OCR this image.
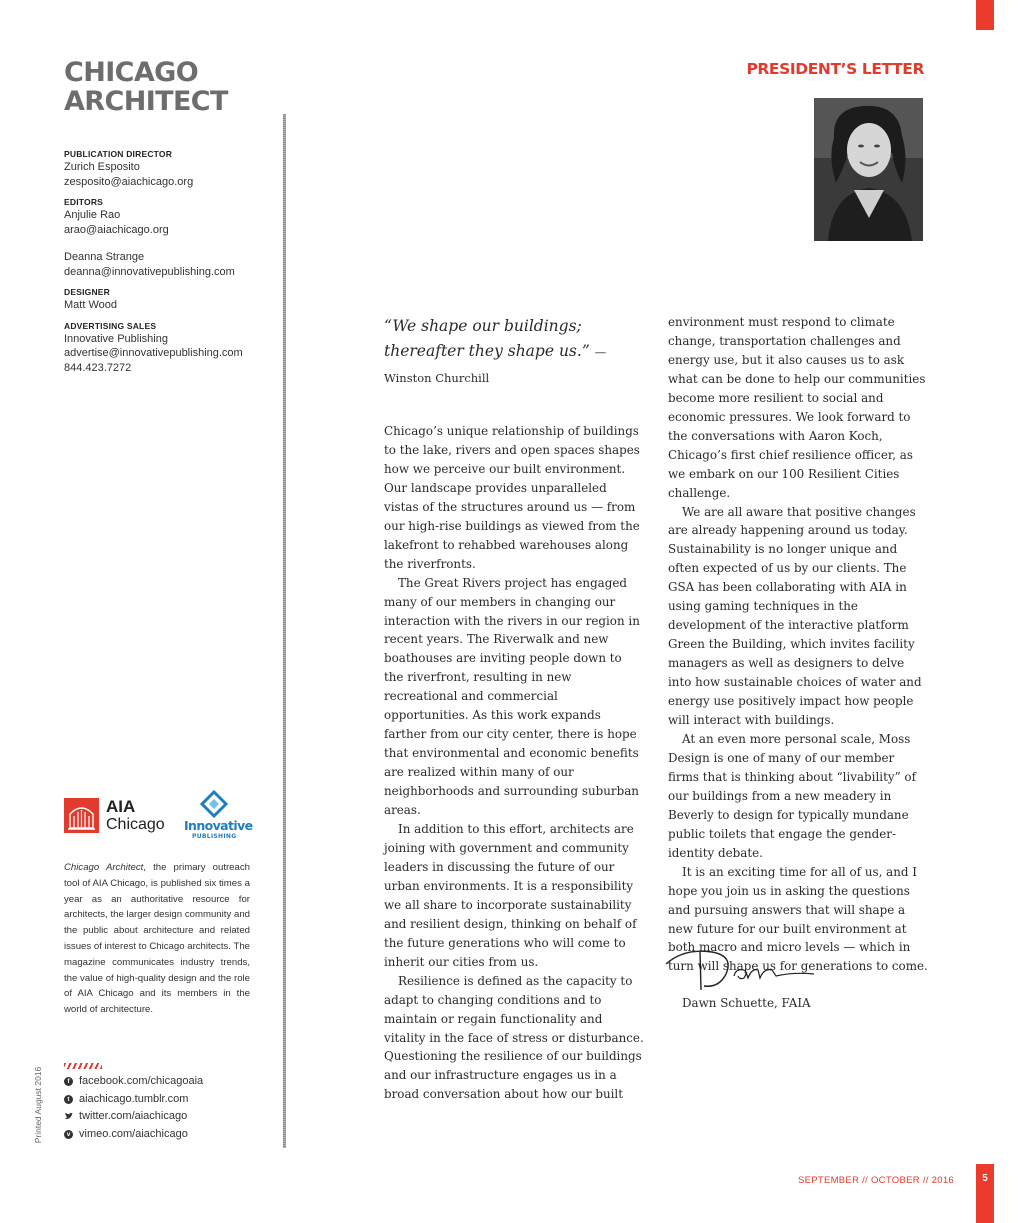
CHICAGO
ARCHITECT
PRESIDENT’S LETTER
PUBLICATION DIRECTOR
Zurich Esposito
zesposito@aiachicago.org
EDITORS
Anjulie Rao
arao@aiachicago.org
Deanna Strange
deanna@innovativepublishing.com
DESIGNER
Matt Wood
ADVERTISING SALES
Innovative Publishing
advertise@innovativepublishing.com
844.423.7272
AIA
Chicago Innovative
PUBLISHING
Chicago Architect, the primary outreach tool of AIA Chicago, is published six times a year as an authoritative resource for architects, the larger design community and the public about architecture and related issues of interest to Chicago architects. The magazine communicates industry trends, the value of high-quality design and the role of AIA Chicago and its members in the world of architecture.
f facebook.com/chicagoaia
t aiachicago.tumblr.com
twitter.com/aiachicago
v vimeo.com/aiachicago
Printed August 2016
“We shape our buildings; thereafter they shape us.” — Winston Churchill

Chicago’s unique relationship of buildings to the lake, rivers and open spaces shapes how we perceive our built environment. Our landscape provides unparalleled vistas of the structures around us — from our high-rise buildings as viewed from the lakefront to rehabbed warehouses along the riverfronts.

The Great Rivers project has engaged many of our members in changing our interaction with the rivers in our region in recent years. The Riverwalk and new boathouses are inviting people down to the riverfront, resulting in new recreational and commercial opportunities. As this work expands farther from our city center, there is hope that environmental and economic benefits are realized within many of our neighborhoods and surrounding suburban areas.

In addition to this effort, architects are joining with government and community leaders in discussing the future of our urban environments. It is a responsibility we all share to incorporate sustainability and resilient design, thinking on behalf of the future generations who will come to inherit our cities from us.

Resilience is defined as the capacity to adapt to changing conditions and to maintain or regain functionality and vitality in the face of stress or disturbance. Questioning the resilience of our buildings and our infrastructure engages us in a broad conversation about how our built

environment must respond to climate change, transportation challenges and energy use, but it also causes us to ask what can be done to help our communities become more resilient to social and economic pressures. We look forward to the conversations with Aaron Koch, Chicago’s first chief resilience officer, as we embark on our 100 Resilient Cities challenge.

We are all aware that positive changes are already happening around us today. Sustainability is no longer unique and often expected of us by our clients. The GSA has been collaborating with AIA in using gaming techniques in the development of the interactive platform Green the Building, which invites facility managers as well as designers to delve into how sustainable choices of water and energy use positively impact how people will interact with buildings.

At an even more personal scale, Moss Design is one of many of our member firms that is thinking about “livability” of our buildings from a new meadery in Beverly to design for typically mundane public toilets that engage the gender-identity debate.

It is an exciting time for all of us, and I hope you join us in asking the questions and pursuing answers that will shape a new future for our built environment at both macro and micro levels — which in turn will shape us for generations to come.

Dawn Schuette, FAIA
SEPTEMBER // OCTOBER // 2016	5
